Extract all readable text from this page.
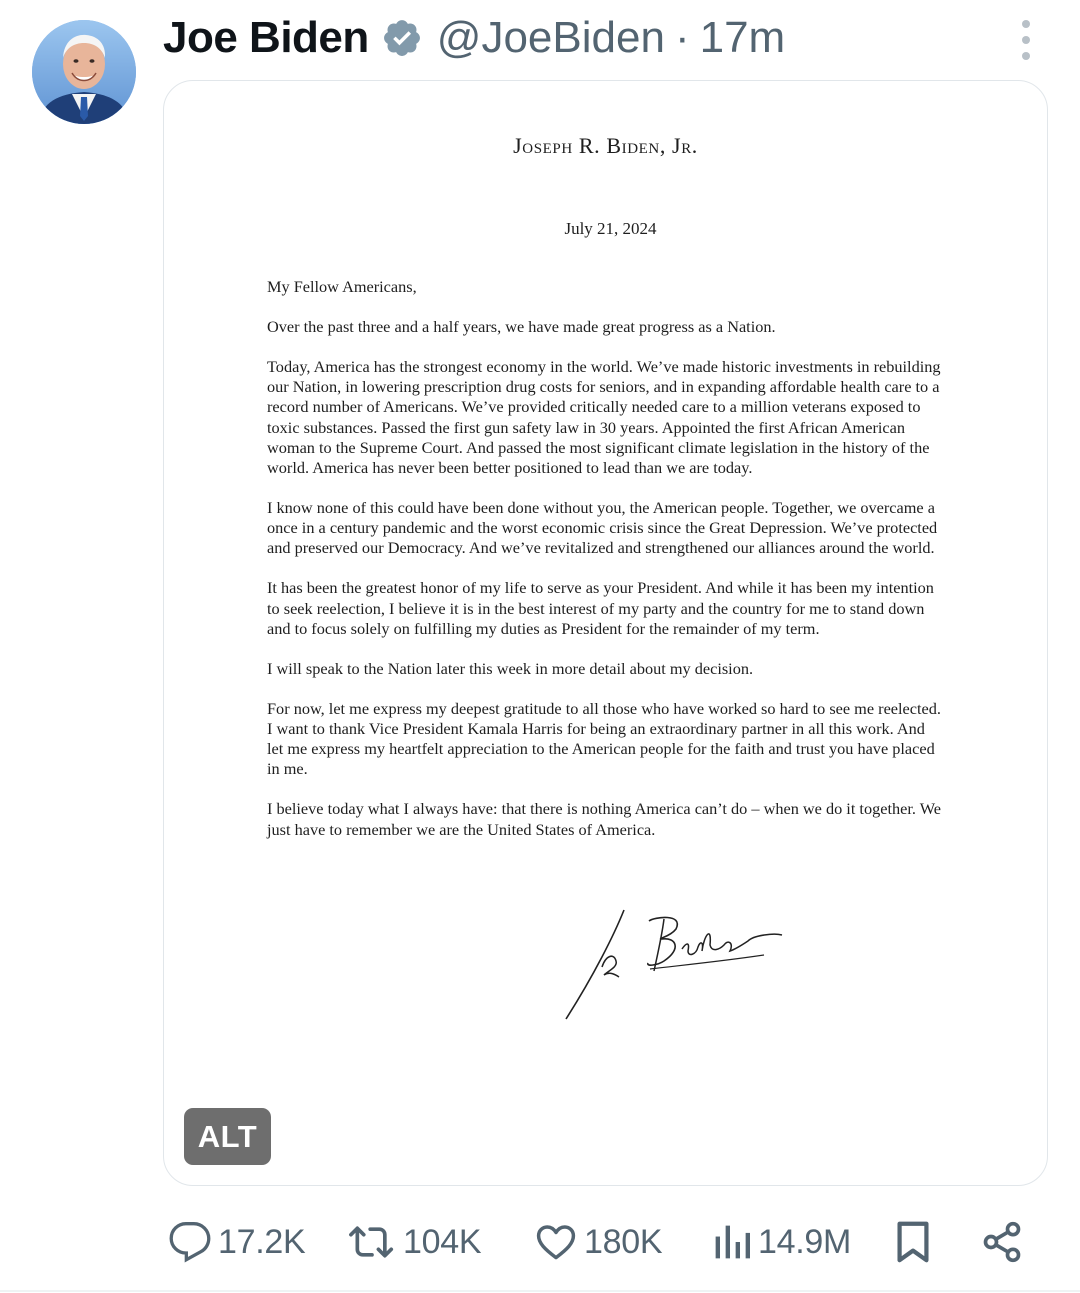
Joe Biden @JoeBiden · 17m
Joseph R. Biden, Jr.
July 21, 2024

My Fellow Americans,

Over the past three and a half years, we have made great progress as a Nation.

Today, America has the strongest economy in the world. We’ve made historic investments in rebuilding our Nation, in lowering prescription drug costs for seniors, and in expanding affordable health care to a record number of Americans. We’ve provided critically needed care to a million veterans exposed to toxic substances. Passed the first gun safety law in 30 years. Appointed the first African American woman to the Supreme Court. And passed the most significant climate legislation in the history of the world. America has never been better positioned to lead than we are today.

I know none of this could have been done without you, the American people. Together, we overcame a once in a century pandemic and the worst economic crisis since the Great Depression. We’ve protected and preserved our Democracy. And we’ve revitalized and strengthened our alliances around the world.

It has been the greatest honor of my life to serve as your President. And while it has been my intention to seek reelection, I believe it is in the best interest of my party and the country for me to stand down and to focus solely on fulfilling my duties as President for the remainder of my term.

I will speak to the Nation later this week in more detail about my decision.

For now, let me express my deepest gratitude to all those who have worked so hard to see me reelected. I want to thank Vice President Kamala Harris for being an extraordinary partner in all this work. And let me express my heartfelt appreciation to the American people for the faith and trust you have placed in me.

I believe today what I always have: that there is nothing America can’t do – when we do it together. We just have to remember we are the United States of America.

ALT
17.2K	104K	180K	14.9M
